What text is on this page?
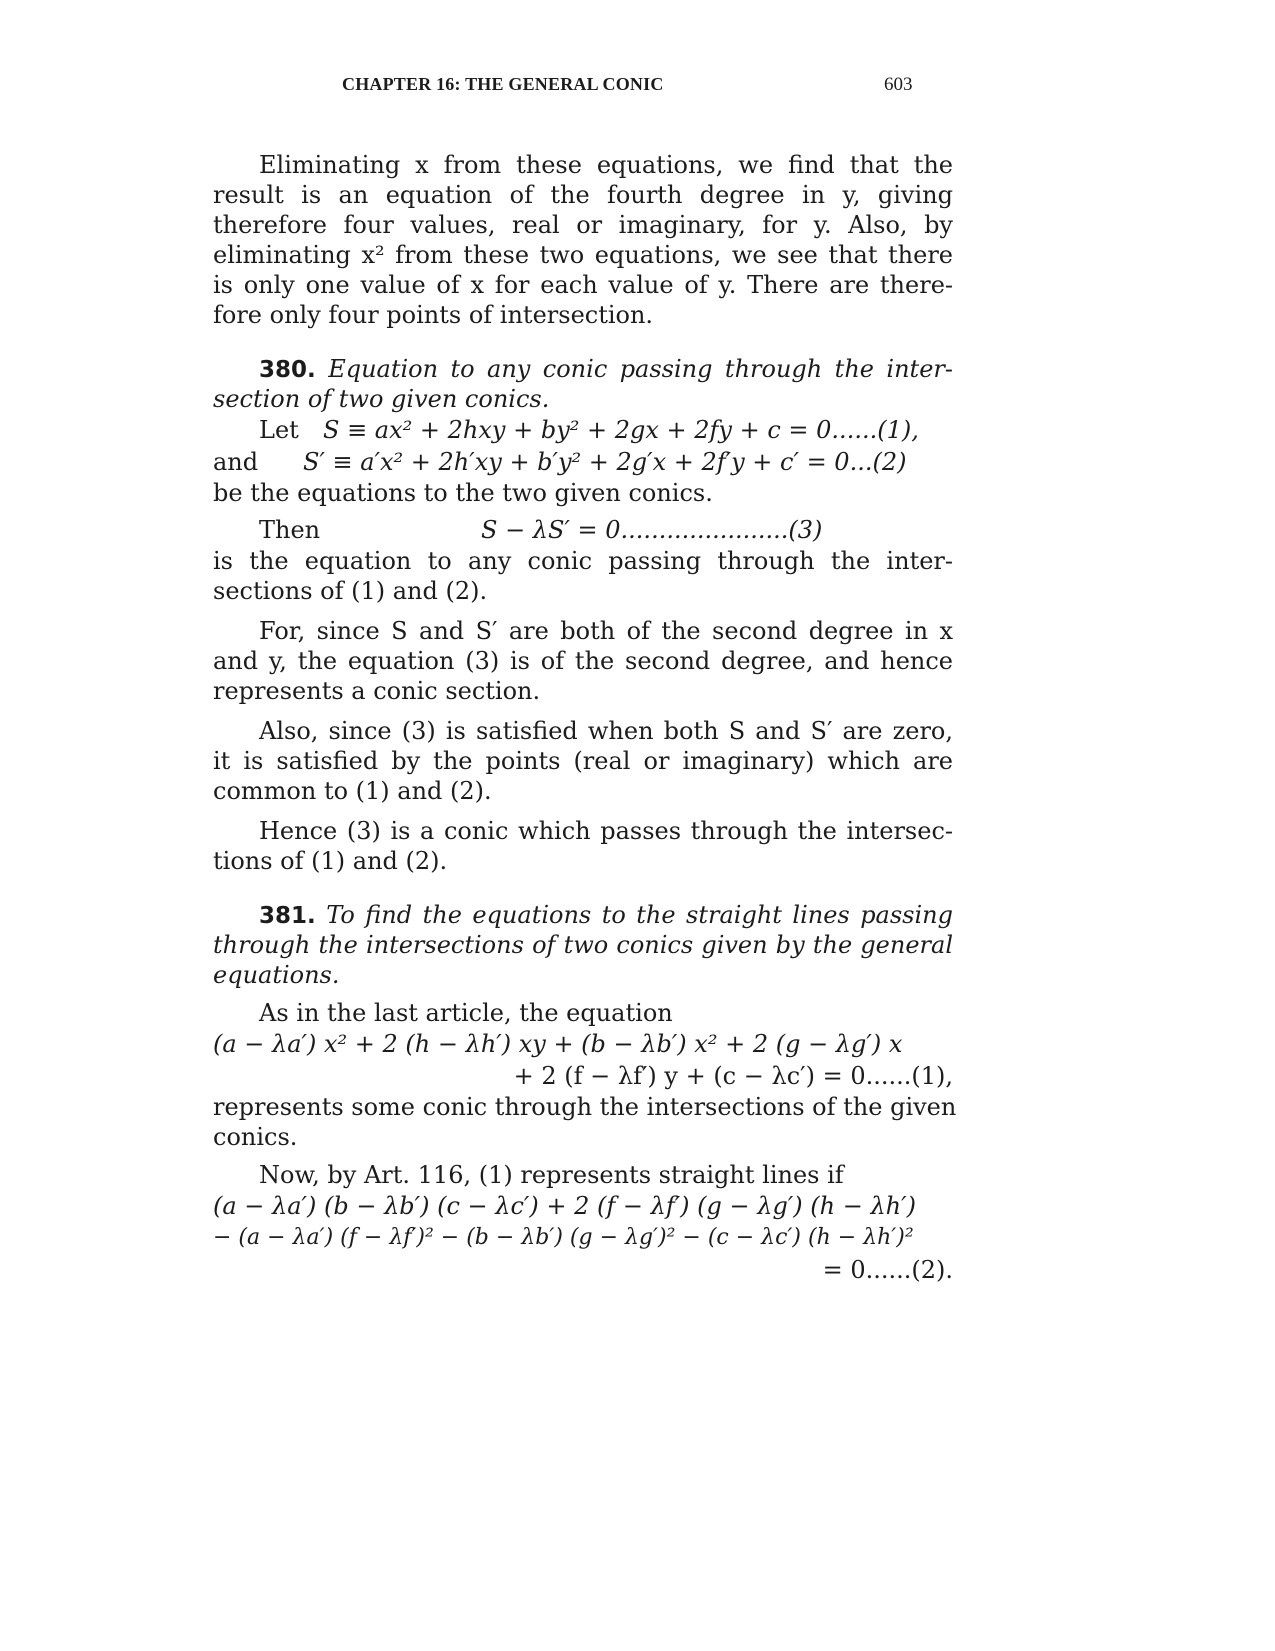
CHAPTER 16: THE GENERAL CONIC	603
Eliminating x from these equations, we find that the
result is an equation of the fourth degree in y, giving
therefore four values, real or imaginary, for y. Also, by
eliminating x² from these two equations, we see that there
is only one value of x for each value of y. There are there-
fore only four points of intersection.
380. Equation to any conic passing through the inter-
section of two given conics.
Let S ≡ ax² + 2hxy + by² + 2gx + 2fy + c = 0......(1),
and S′ ≡ a′x² + 2h′xy + b′y² + 2g′x + 2f′y + c′ = 0...(2)
be the equations to the two given conics.
Then	S − λS′ = 0......................(3)
is the equation to any conic passing through the inter-
sections of (1) and (2).
For, since S and S′ are both of the second degree in x
and y, the equation (3) is of the second degree, and hence
represents a conic section.
Also, since (3) is satisfied when both S and S′ are zero,
it is satisfied by the points (real or imaginary) which are
common to (1) and (2).
Hence (3) is a conic which passes through the intersec-
tions of (1) and (2).
381. To find the equations to the straight lines passing
through the intersections of two conics given by the general
equations.
As in the last article, the equation
(a − λa′) x² + 2 (h − λh′) xy + (b − λb′) x² + 2 (g − λg′) x
+ 2 (f − λf′) y + (c − λc′) = 0......(1),
represents some conic through the intersections of the given
conics.
Now, by Art. 116, (1) represents straight lines if
(a − λa′) (b − λb′) (c − λc′) + 2 (f − λf′) (g − λg′) (h − λh′)
− (a − λa′) (f − λf′)² − (b − λb′) (g − λg′)² − (c − λc′) (h − λh′)²
= 0......(2).
